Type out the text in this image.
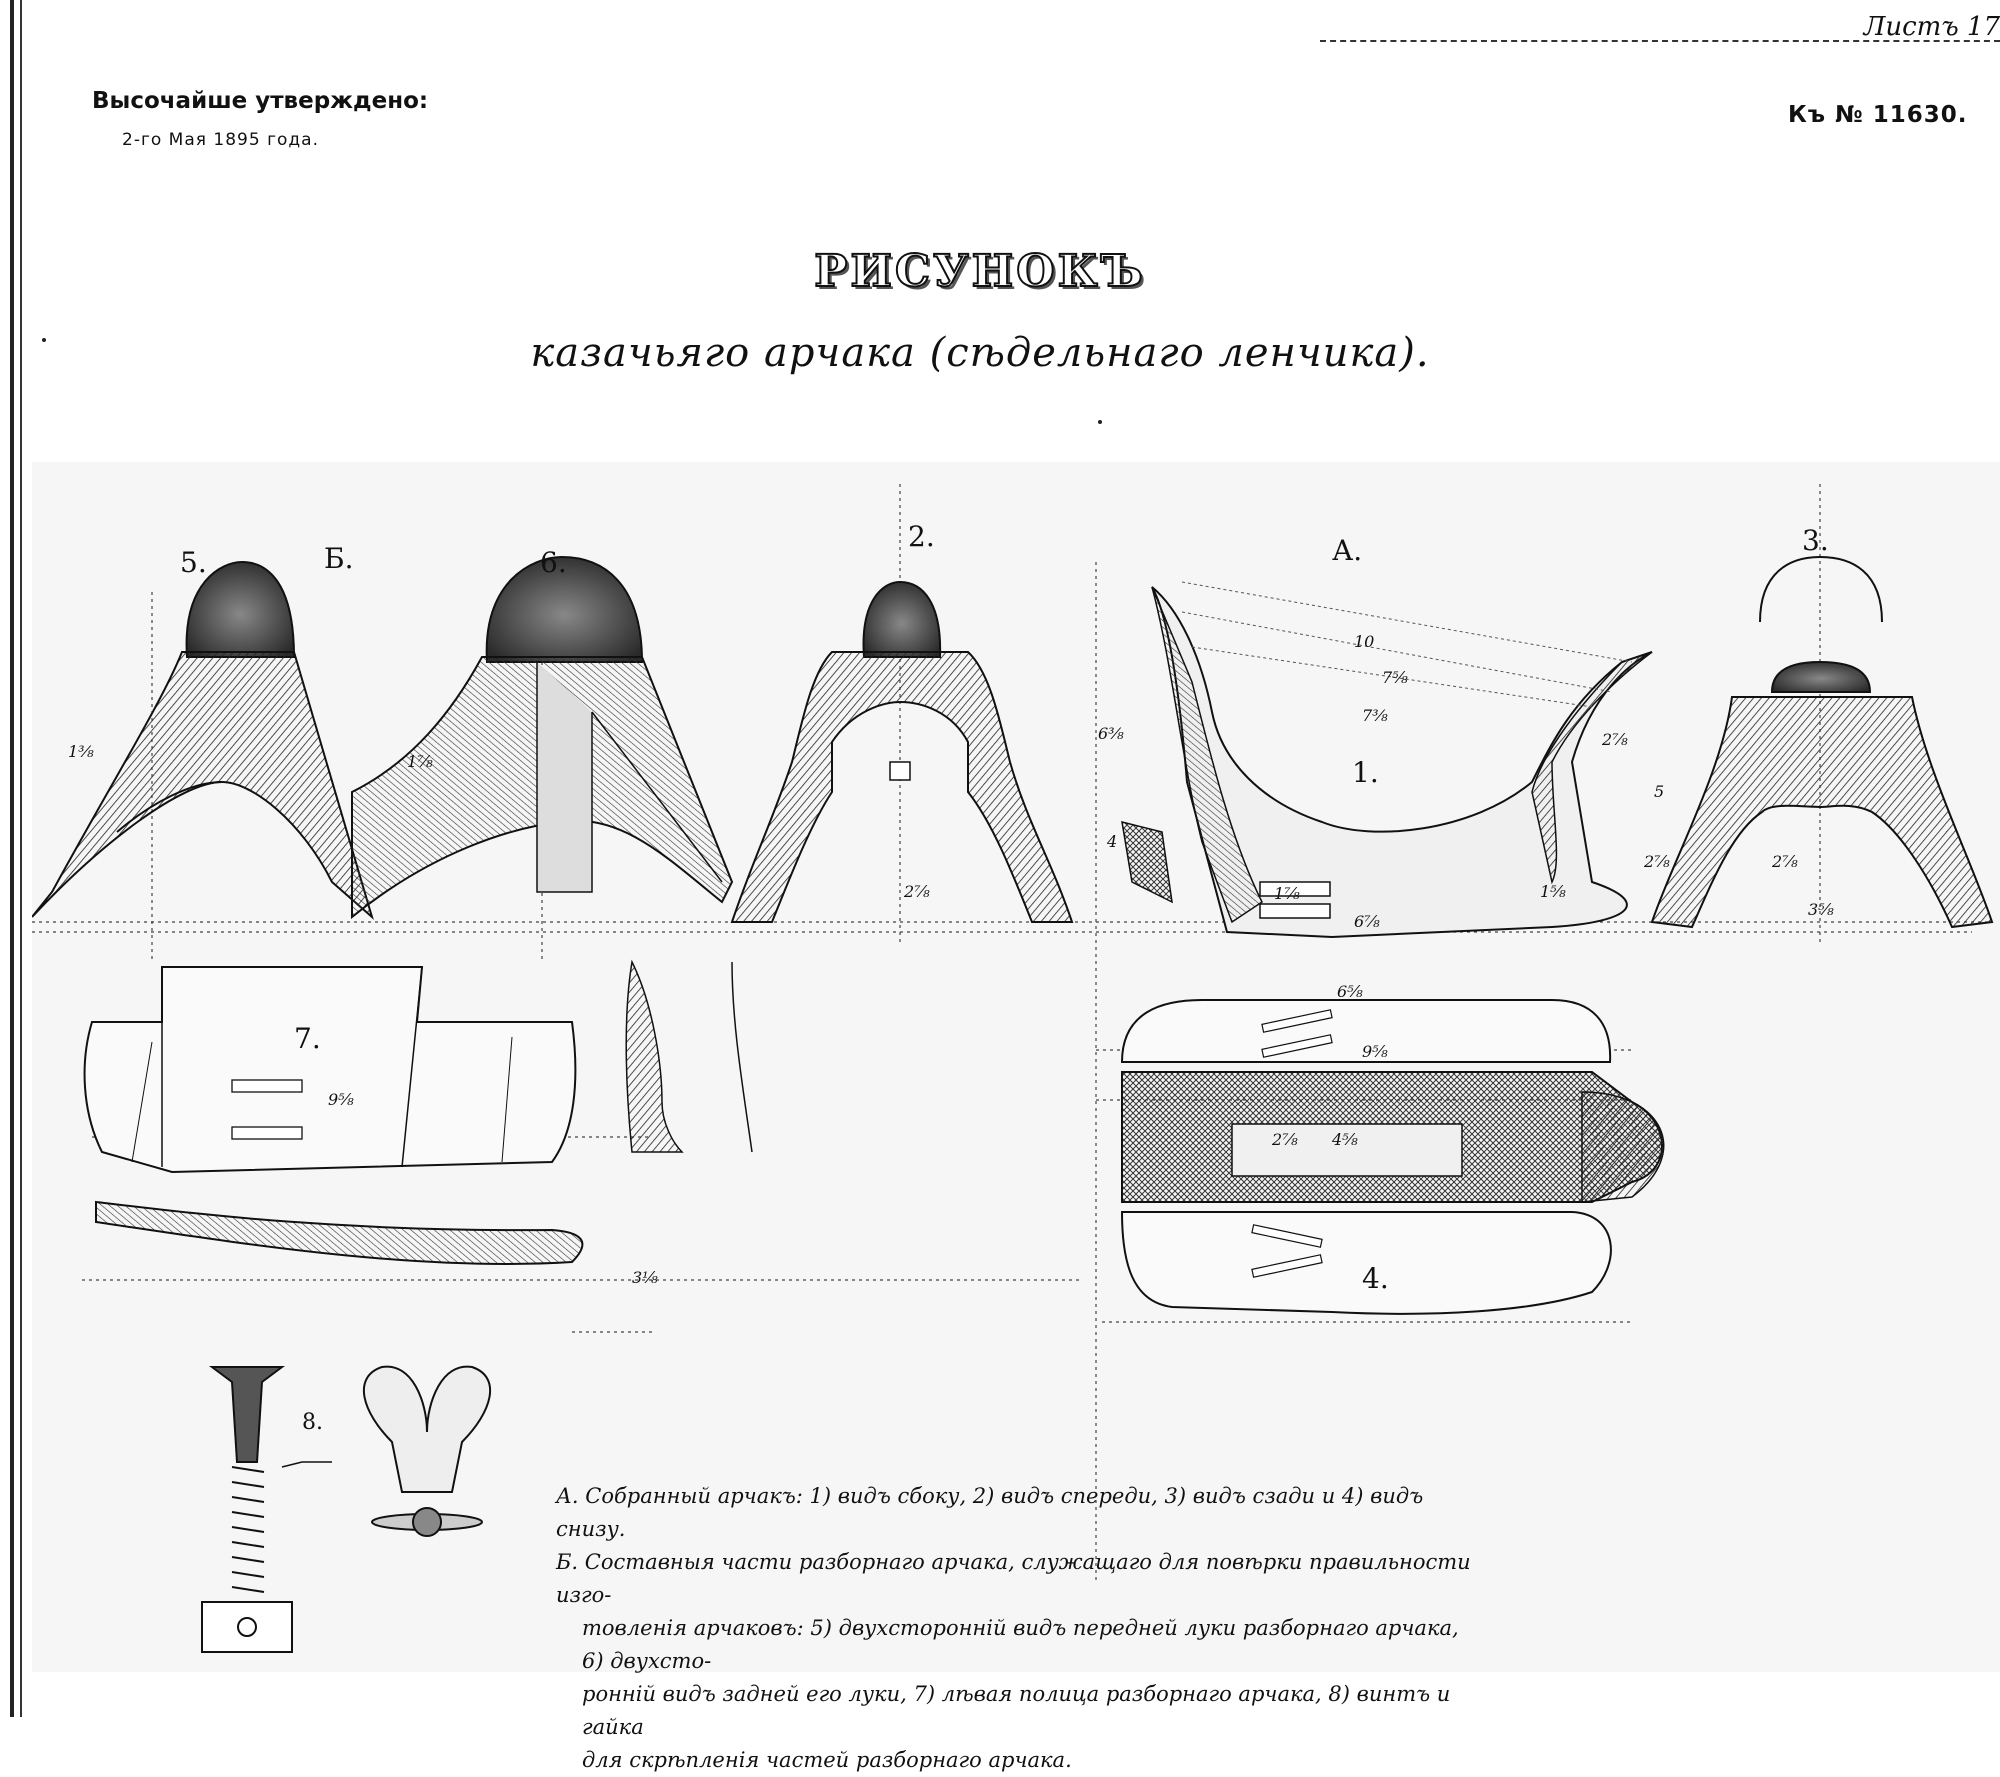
Листъ 17
Высочайше утверждено:
2-го Мая 1895 года.
Къ № 11630.
РИСУНОКЪ
казачьяго арчака (сѣдельнаго ленчика).
5.	Б.	6.
2.	А.	3.
1.
7.
4.
8.
10
7⅝
7⅜
2⅞
6⅜
1⅞
6⅞
1⅝
2⅞
2⅞
3⅝
2⅞
6⅝
9⅝
4⅝
9⅝
3⅛
1⅜
1⅞
2⅞
5
4

А. Собранный арчакъ: 1) видъ сбоку, 2) видъ спереди, 3) видъ сзади и 4) видъ снизу.

Б. Составныя части разборнаго арчака, служащаго для повѣрки правильности изго-

товленія арчаковъ: 5) двухсторонній видъ передней луки разборнаго арчака, 6) двухсто-

ронній видъ задней его луки, 7) лѣвая полица разборнаго арчака, 8) винтъ и гайка

для скрѣпленія частей разборнаго арчака.
